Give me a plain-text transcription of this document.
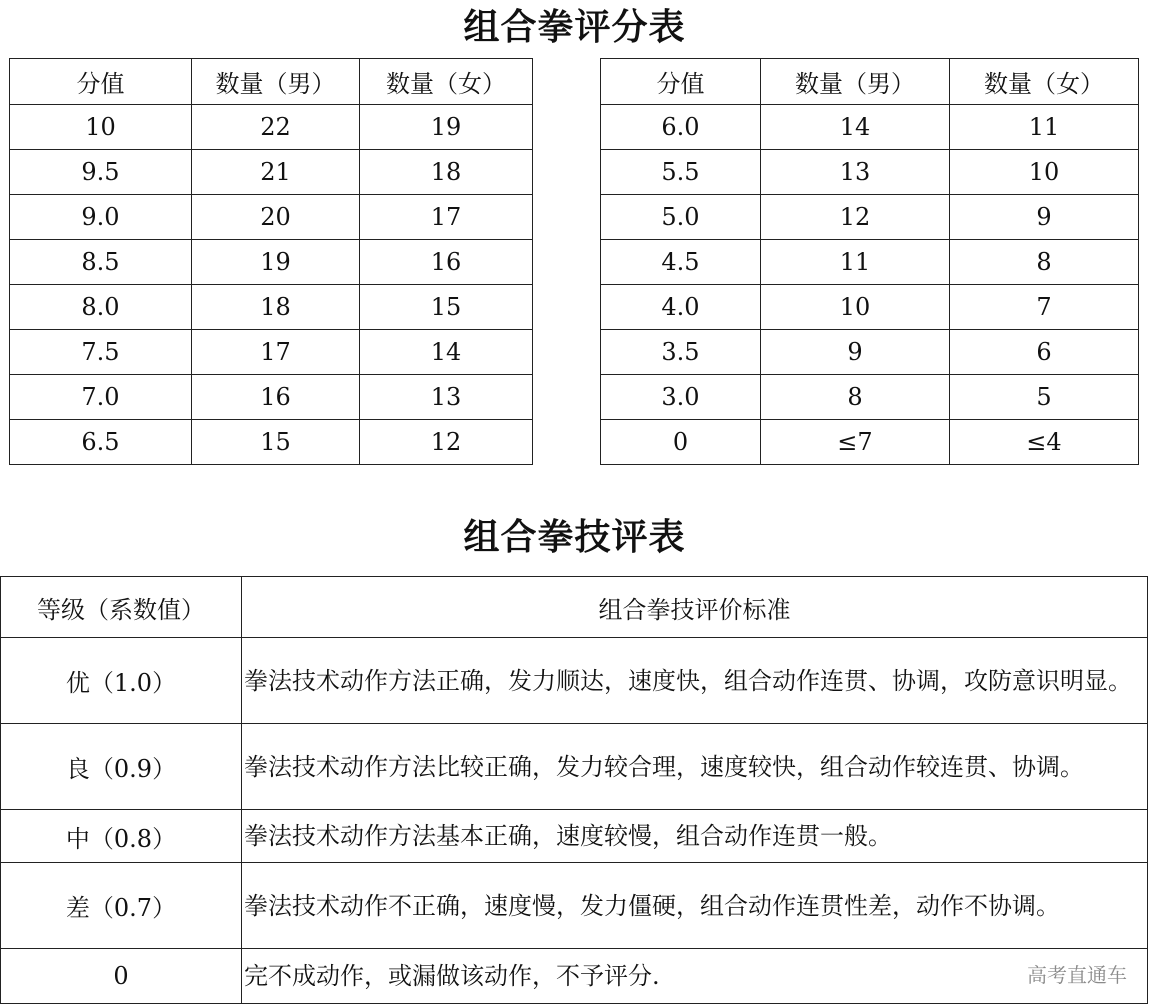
组合拳评分表
分值	数量（男）	数量（女）
10	22	19
9.5	21	18
9.0	20	17
8.5	19	16
8.0	18	15
7.5	17	14
7.0	16	13
6.5	15	12
分值	数量（男）	数量（女）
6.0	14	11
5.5	13	10
5.0	12	9
4.5	11	8
4.0	10	7
3.5	9	6
3.0	8	5
0	≤7	≤4
组合拳技评表
等级（系数值）	组合拳技评价标准
优（1.0）	拳法技术动作方法正确，发力顺达，速度快，组合动作连贯、协调，攻防意识明显。
良（0.9）	拳法技术动作方法比较正确，发力较合理，速度较快，组合动作较连贯、协调。
中（0.8）	拳法技术动作方法基本正确，速度较慢，组合动作连贯一般。
差（0.7）	拳法技术动作不正确，速度慢，发力僵硬，组合动作连贯性差，动作不协调。
0	完不成动作，或漏做该动作，不予评分. 高考直通车
